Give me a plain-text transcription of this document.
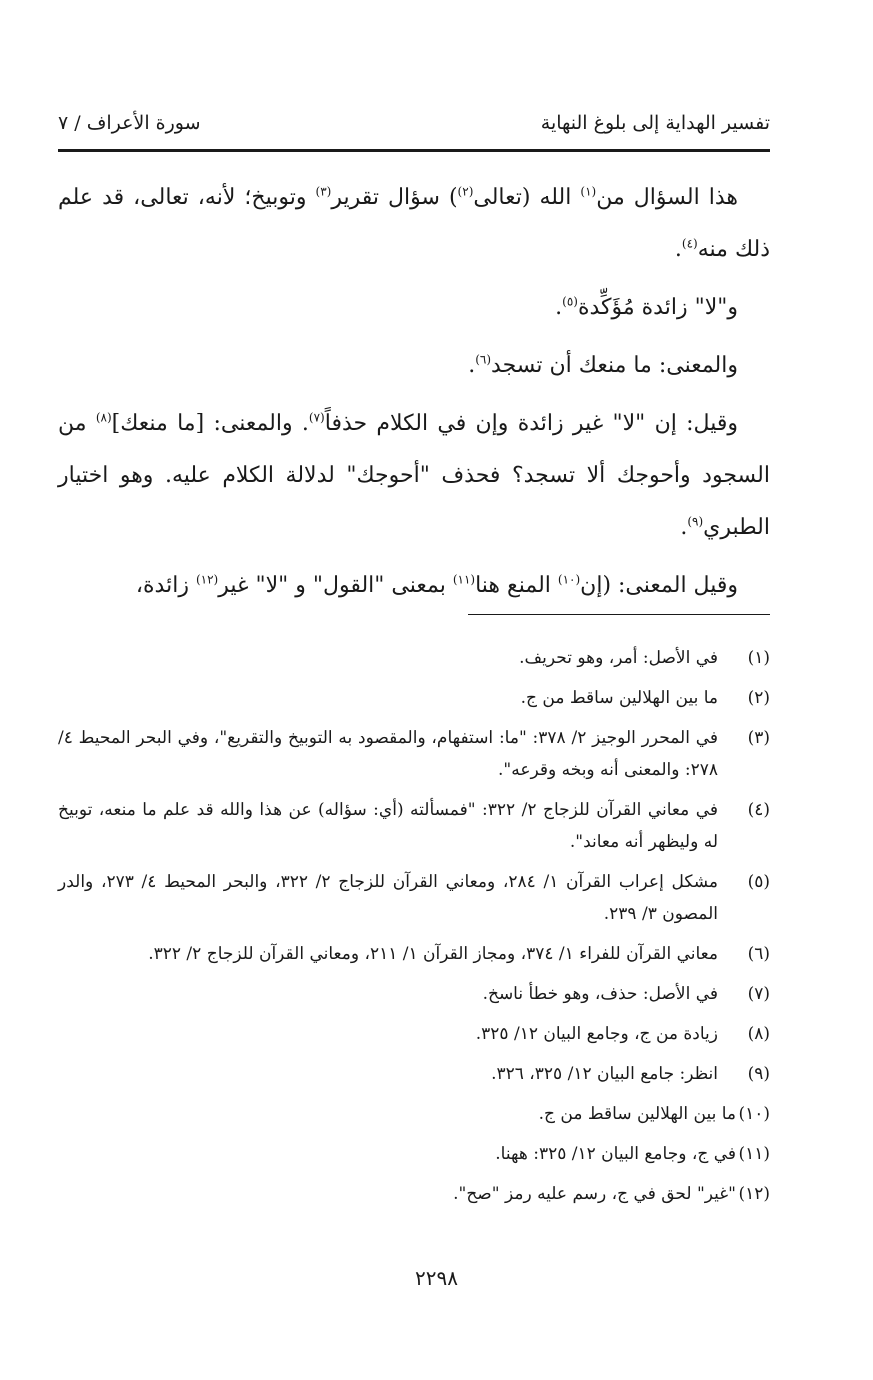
تفسير الهداية إلى بلوغ النهاية
سورة الأعراف / ٧

هذا السؤال من$^{(١)}$ الله (تعالى$^{(٢)}$) سؤال تقرير$^{(٣)}$ وتوبيخ؛ لأنه، تعالى، قد علم ذلك منه$^{(٤)}$.

و"لا" زائدة مُؤَكِّدة$^{(٥)}$.

والمعنى: ما منعك أن تسجد$^{(٦)}$.

وقيل: إن "لا" غير زائدة وإن في الكلام حذفاً$^{(٧)}$. والمعنى: [ما منعك]$^{(٨)}$ من السجود وأحوجك ألا تسجد؟ فحذف "أحوجك" لدلالة الكلام عليه. وهو اختيار الطبري$^{(٩)}$.

وقيل المعنى: (إن$^{(١٠)}$ المنع هنا$^{(١١)}$ بمعنى "القول" و "لا" غير$^{(١٢)}$ زائدة،

(١)
في الأصل: أمر، وهو تحريف.
(٢)
ما بين الهلالين ساقط من ج.
(٣)
في المحرر الوجيز ٢/ ٣٧٨: "ما: استفهام، والمقصود به التوبيخ والتقريع"، وفي البحر المحيط ٤/ ٢٧٨: والمعنى أنه وبخه وقرعه".
(٤)
في معاني القرآن للزجاج ٢/ ٣٢٢: "فمسألته (أي: سؤاله) عن هذا والله قد علم ما منعه، توبيخ له وليظهر أنه معاند".
(٥)
مشكل إعراب القرآن ١/ ٢٨٤، ومعاني القرآن للزجاج ٢/ ٣٢٢، والبحر المحيط ٤/ ٢٧٣، والدر المصون ٣/ ٢٣٩.
(٦)
معاني القرآن للفراء ١/ ٣٧٤، ومجاز القرآن ١/ ٢١١، ومعاني القرآن للزجاج ٢/ ٣٢٢.
(٧)
في الأصل: حذف، وهو خطأ ناسخ.
(٨)
زيادة من ج، وجامع البيان ١٢/ ٣٢٥.
(٩)
انظر: جامع البيان ١٢/ ٣٢٥، ٣٢٦.
(١٠)
ما بين الهلالين ساقط من ج.
(١١)
في ج، وجامع البيان ١٢/ ٣٢٥: ههنا.
(١٢)
"غير" لحق في ج، رسم عليه رمز "صح".
٢٢٩٨
